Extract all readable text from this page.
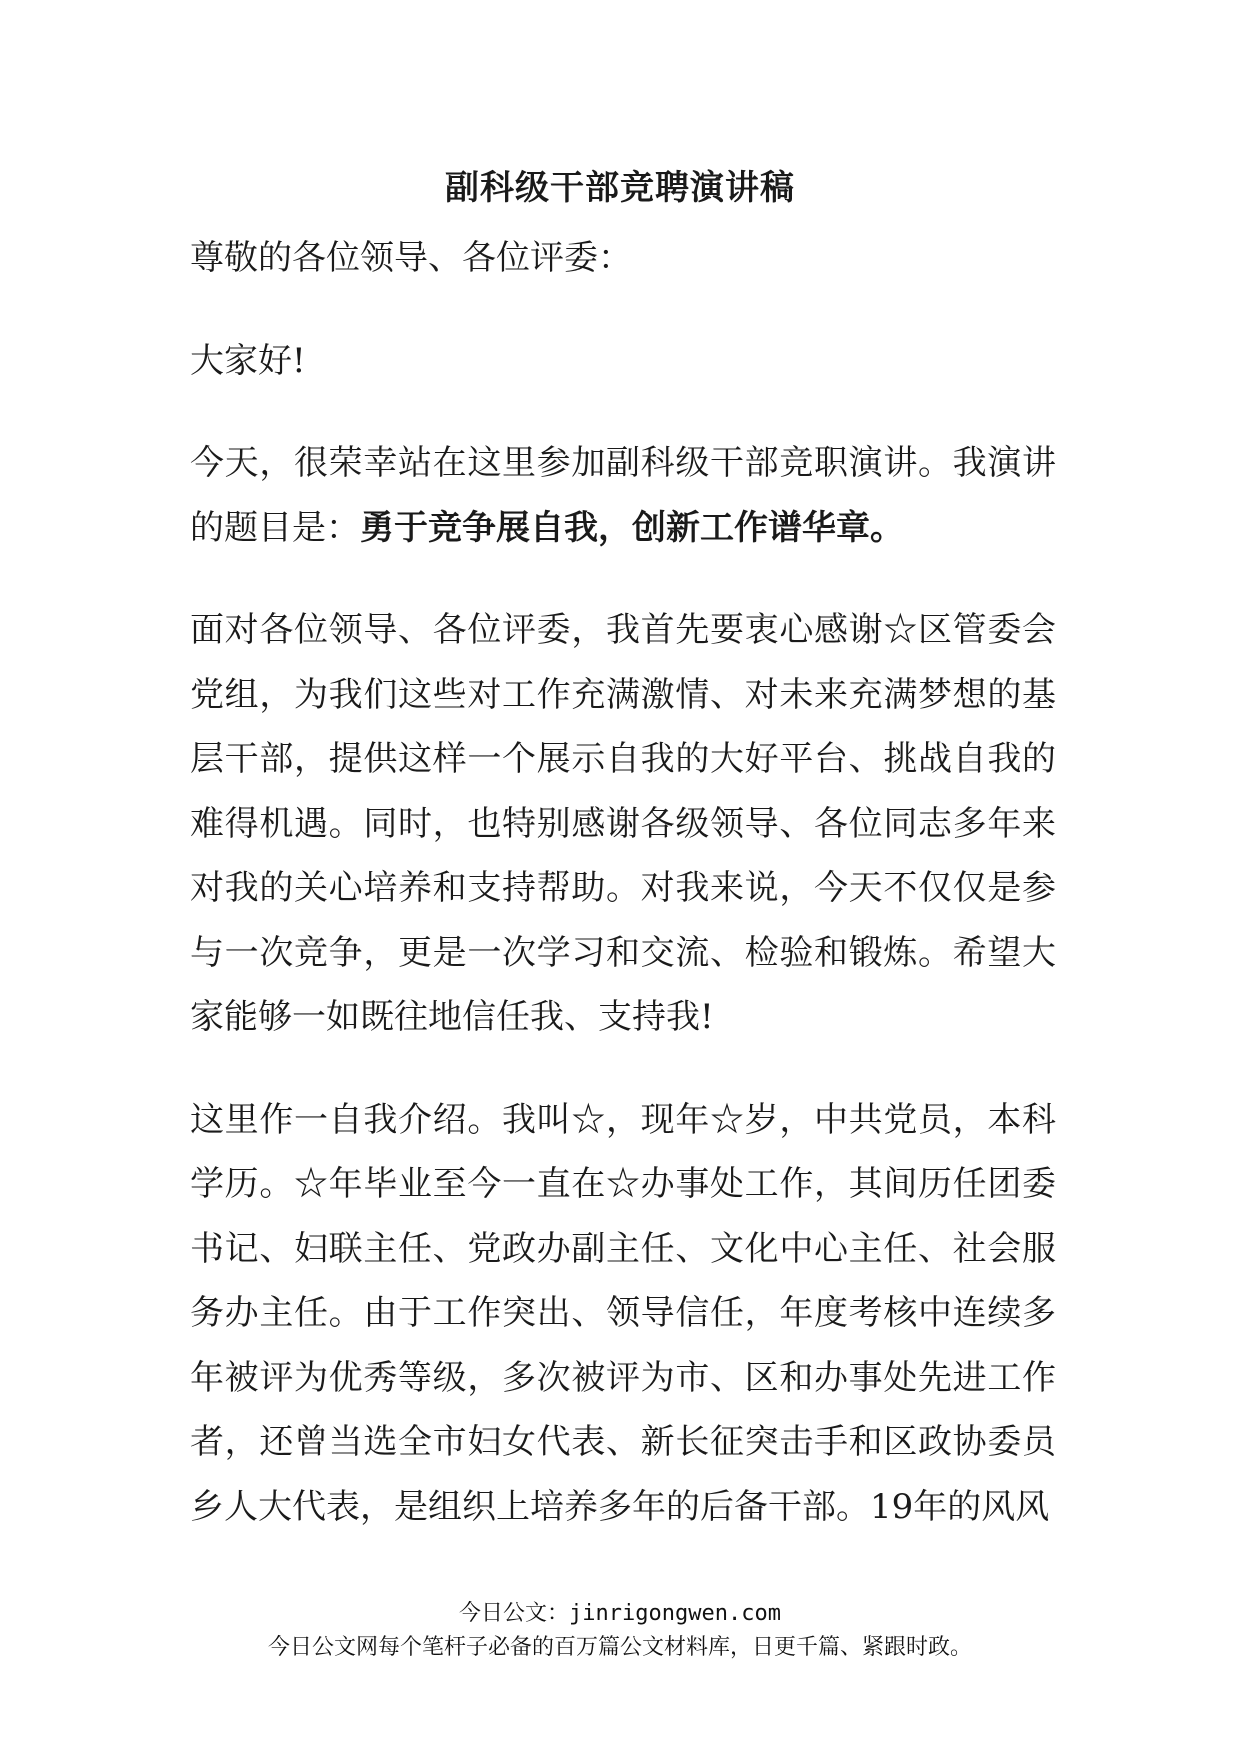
副科级干部竞聘演讲稿

尊敬的各位领导、各位评委：

大家好!

今天，很荣幸站在这里参加副科级干部竞职演讲。我演讲的题目是：勇于竞争展自我，创新工作谱华章。

面对各位领导、各位评委，我首先要衷心感谢☆区管委会党组，为我们这些对工作充满激情、对未来充满梦想的基层干部，提供这样一个展示自我的大好平台、挑战自我的难得机遇。同时，也特别感谢各级领导、各位同志多年来对我的关心培养和支持帮助。对我来说，今天不仅仅是参与一次竞争，更是一次学习和交流、检验和锻炼。希望大家能够一如既往地信任我、支持我!

这里作一自我介绍。我叫☆，现年☆岁，中共党员，本科学历。☆年毕业至今一直在☆办事处工作，其间历任团委书记、妇联主任、党政办副主任、文化中心主任、社会服务办主任。由于工作突出、领导信任，年度考核中连续多年被评为优秀等级，多次被评为市、区和办事处先进工作者，还曾当选全市妇女代表、新长征突击手和区政协委员乡人大代表，是组织上培养多年的后备干部。19年的风风

今日公文：jinrigongwen.com
今日公文网每个笔杆子必备的百万篇公文材料库，日更千篇、紧跟时政。
